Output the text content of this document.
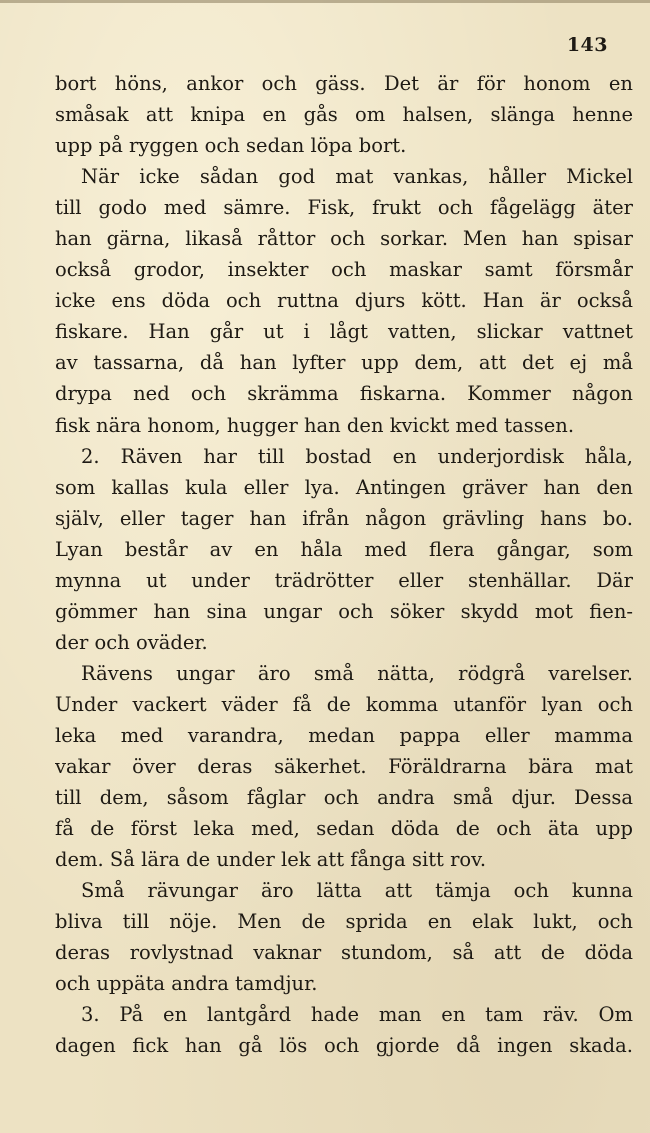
143
bort höns, ankor och gäss. Det är för honom en
småsak att knipa en gås om halsen, slänga henne
upp på ryggen och sedan löpa bort.
När icke sådan god mat vankas, håller Mickel
till godo med sämre. Fisk, frukt och fågelägg äter
han gärna, likaså råttor och sorkar. Men han spisar
också grodor, insekter och maskar samt försmår
icke ens döda och ruttna djurs kött. Han är också
fiskare. Han går ut i lågt vatten, slickar vattnet
av tassarna, då han lyfter upp dem, att det ej må
drypa ned och skrämma fiskarna. Kommer någon
fisk nära honom, hugger han den kvickt med tassen.
2. Räven har till bostad en underjordisk håla,
som kallas kula eller lya. Antingen gräver han den
själv, eller tager han ifrån någon grävling hans bo.
Lyan består av en håla med flera gångar, som
mynna ut under trädrötter eller stenhällar. Där
gömmer han sina ungar och söker skydd mot fien-
der och oväder.
Rävens ungar äro små nätta, rödgrå varelser.
Under vackert väder få de komma utanför lyan och
leka med varandra, medan pappa eller mamma
vakar över deras säkerhet. Föräldrarna bära mat
till dem, såsom fåglar och andra små djur. Dessa
få de först leka med, sedan döda de och äta upp
dem. Så lära de under lek att fånga sitt rov.
Små rävungar äro lätta att tämja och kunna
bliva till nöje. Men de sprida en elak lukt, och
deras rovlystnad vaknar stundom, så att de döda
och uppäta andra tamdjur.
3. På en lantgård hade man en tam räv. Om
dagen fick han gå lös och gjorde då ingen skada.
